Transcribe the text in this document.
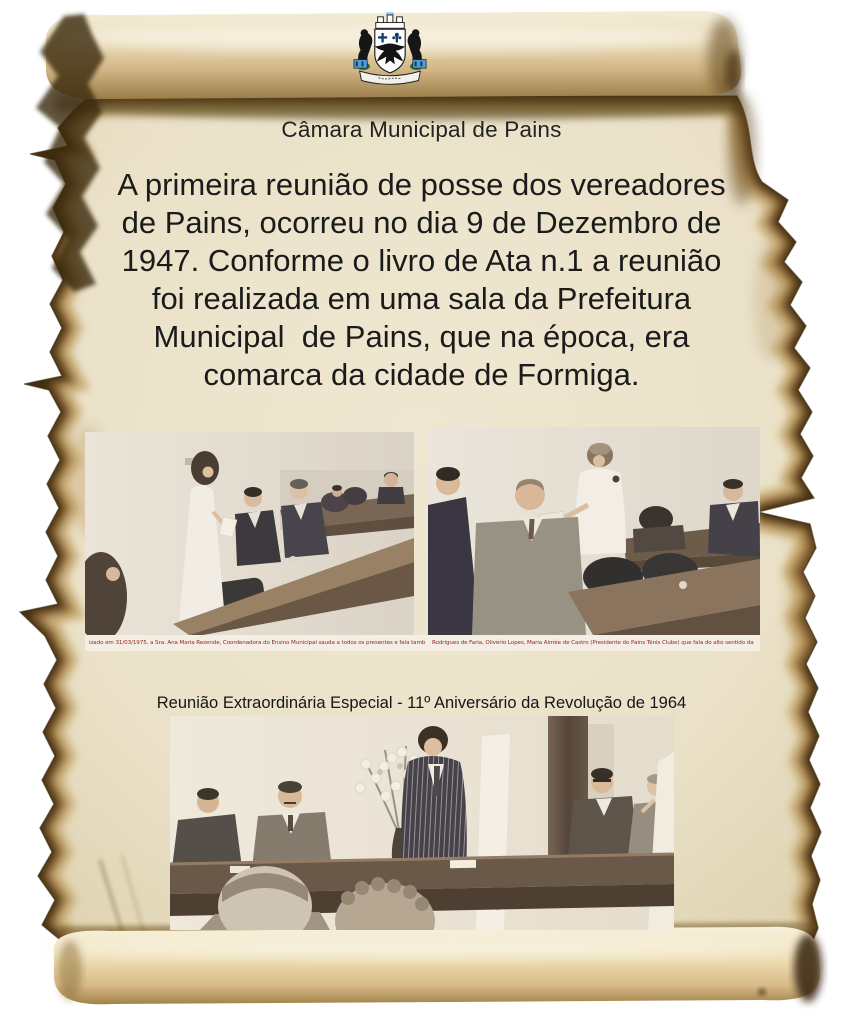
Câmara Municipal de Pains
A primeira reunião de posse dos vereadores
de Pains, ocorreu no dia 9 de Dezembro de
1947. Conforme o livro de Ata n.1 a reunião
foi realizada em uma sala da Prefeitura
Municipal  de Pains, que na época, era
comarca da cidade de Formiga.
izado em 31/03/1975, a Sra. Ana Maria Rezende, Coordenadora do Ensino Municipal sauda a todos os presentes e fala tamb	Rodrigues de Faria, Olivério Lopes, Maria Aimée de Castro (Presidente do Pains Tênis Clube) que fala do alto sentido da
Reunião Extraordinária Especial - 11º Aniversário da Revolução de 1964
